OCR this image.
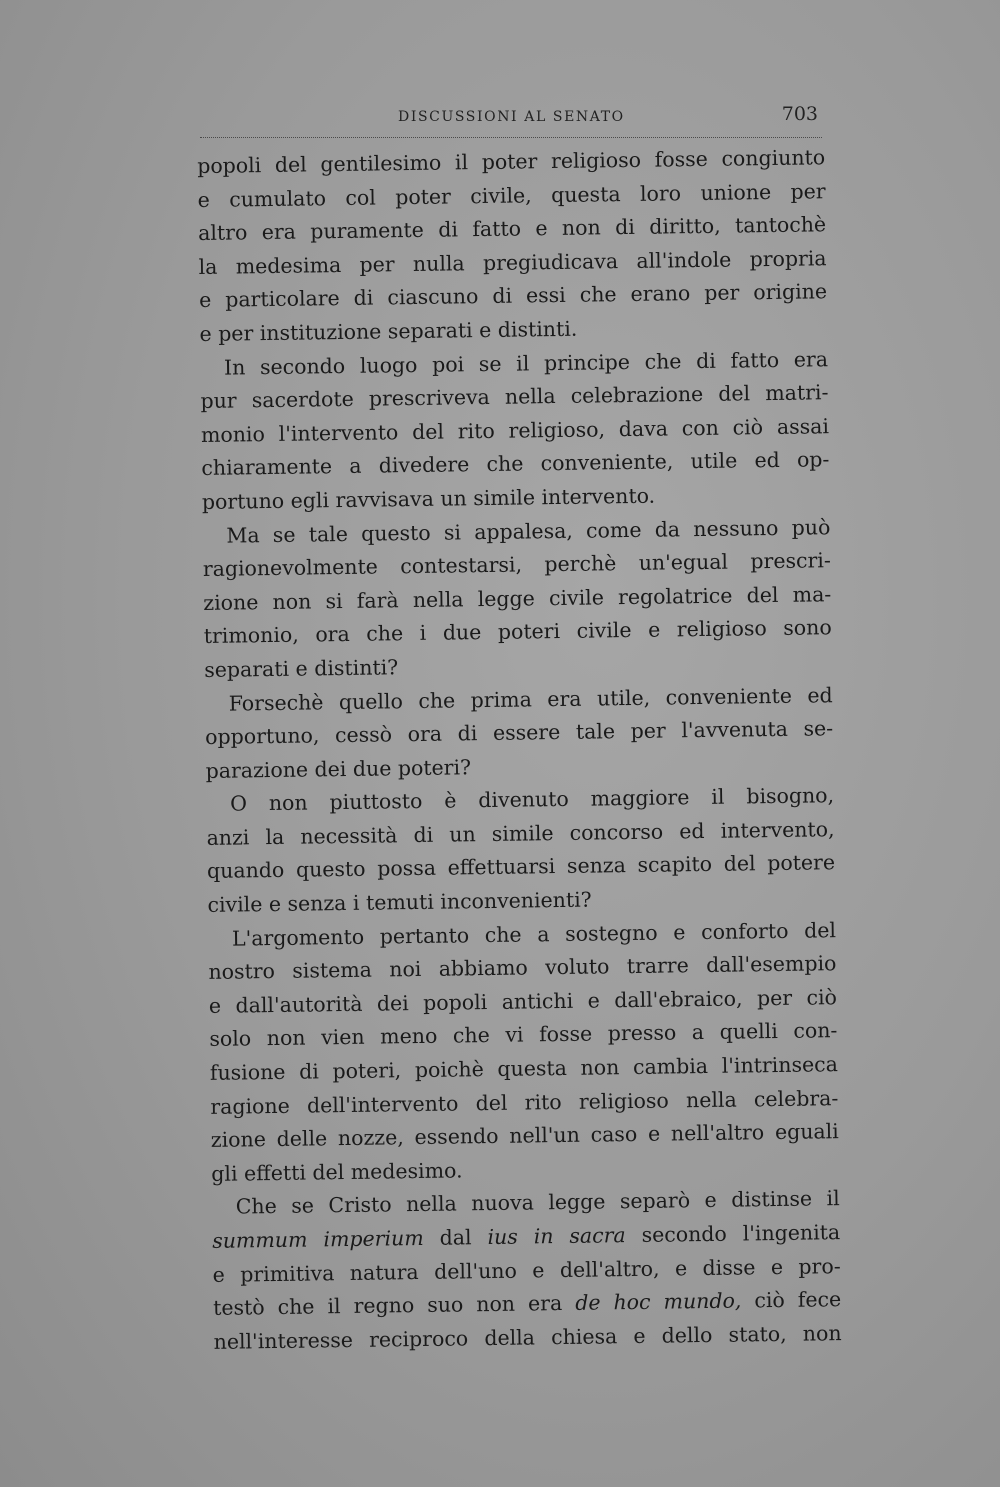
DISCUSSIONI AL SENATO	703
popoli del gentilesimo il poter religioso fosse congiunto
e cumulato col poter civile, questa loro unione per
altro era puramente di fatto e non di diritto, tantochè
la medesima per nulla pregiudicava all'indole propria
e particolare di ciascuno di essi che erano per origine
e per instituzione separati e distinti.
In secondo luogo poi se il principe che di fatto era
pur sacerdote prescriveva nella celebrazione del matri-
monio l'intervento del rito religioso, dava con ciò assai
chiaramente a divedere che conveniente, utile ed op-
portuno egli ravvisava un simile intervento.
Ma se tale questo si appalesa, come da nessuno può
ragionevolmente contestarsi, perchè un'egual prescri-
zione non si farà nella legge civile regolatrice del ma-
trimonio, ora che i due poteri civile e religioso sono
separati e distinti?
Forsechè quello che prima era utile, conveniente ed
opportuno, cessò ora di essere tale per l'avvenuta se-
parazione dei due poteri?
O non piuttosto è divenuto maggiore il bisogno,
anzi la necessità di un simile concorso ed intervento,
quando questo possa effettuarsi senza scapito del potere
civile e senza i temuti inconvenienti?
L'argomento pertanto che a sostegno e conforto del
nostro sistema noi abbiamo voluto trarre dall'esempio
e dall'autorità dei popoli antichi e dall'ebraico, per ciò
solo non vien meno che vi fosse presso a quelli con-
fusione di poteri, poichè questa non cambia l'intrinseca
ragione dell'intervento del rito religioso nella celebra-
zione delle nozze, essendo nell'un caso e nell'altro eguali
gli effetti del medesimo.
Che se Cristo nella nuova legge separò e distinse il
summum imperium dal ius in sacra secondo l'ingenita
e primitiva natura dell'uno e dell'altro, e disse e pro-
testò che il regno suo non era de hoc mundo, ciò fece
nell'interesse reciproco della chiesa e dello stato, non
